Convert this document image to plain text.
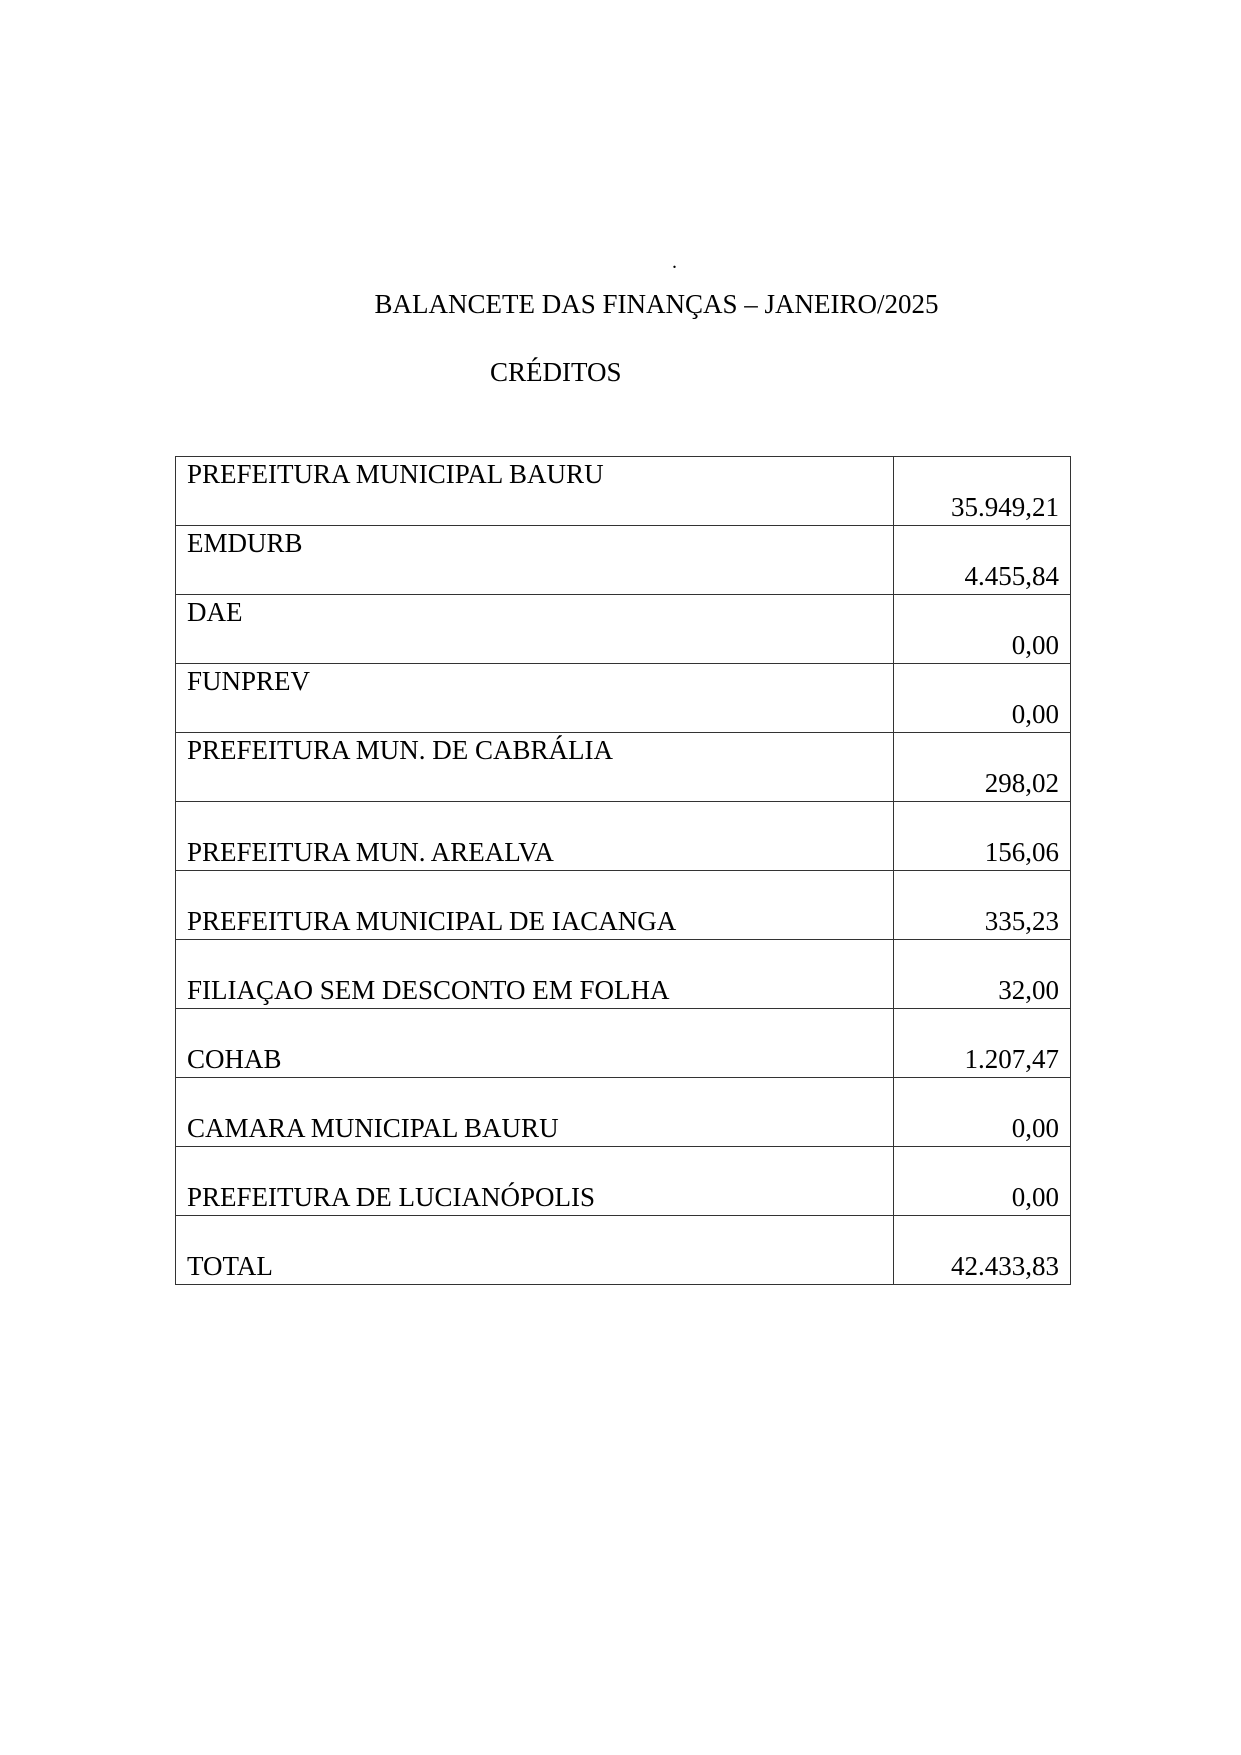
.
BALANCETE DAS FINANÇAS – JANEIRO/2025
CRÉDITOS
PREFEITURA MUNICIPAL BAURU	35.949,21

EMDURB	4.455,84

DAE	0,00

FUNPREV	0,00

PREFEITURA MUN. DE CABRÁLIA	298,02

PREFEITURA MUN. AREALVA	156,06

PREFEITURA MUNICIPAL DE IACANGA	335,23

FILIAÇAO SEM DESCONTO EM FOLHA	32,00

COHAB	1.207,47

CAMARA MUNICIPAL BAURU	0,00

PREFEITURA DE LUCIANÓPOLIS	0,00

TOTAL	42.433,83
